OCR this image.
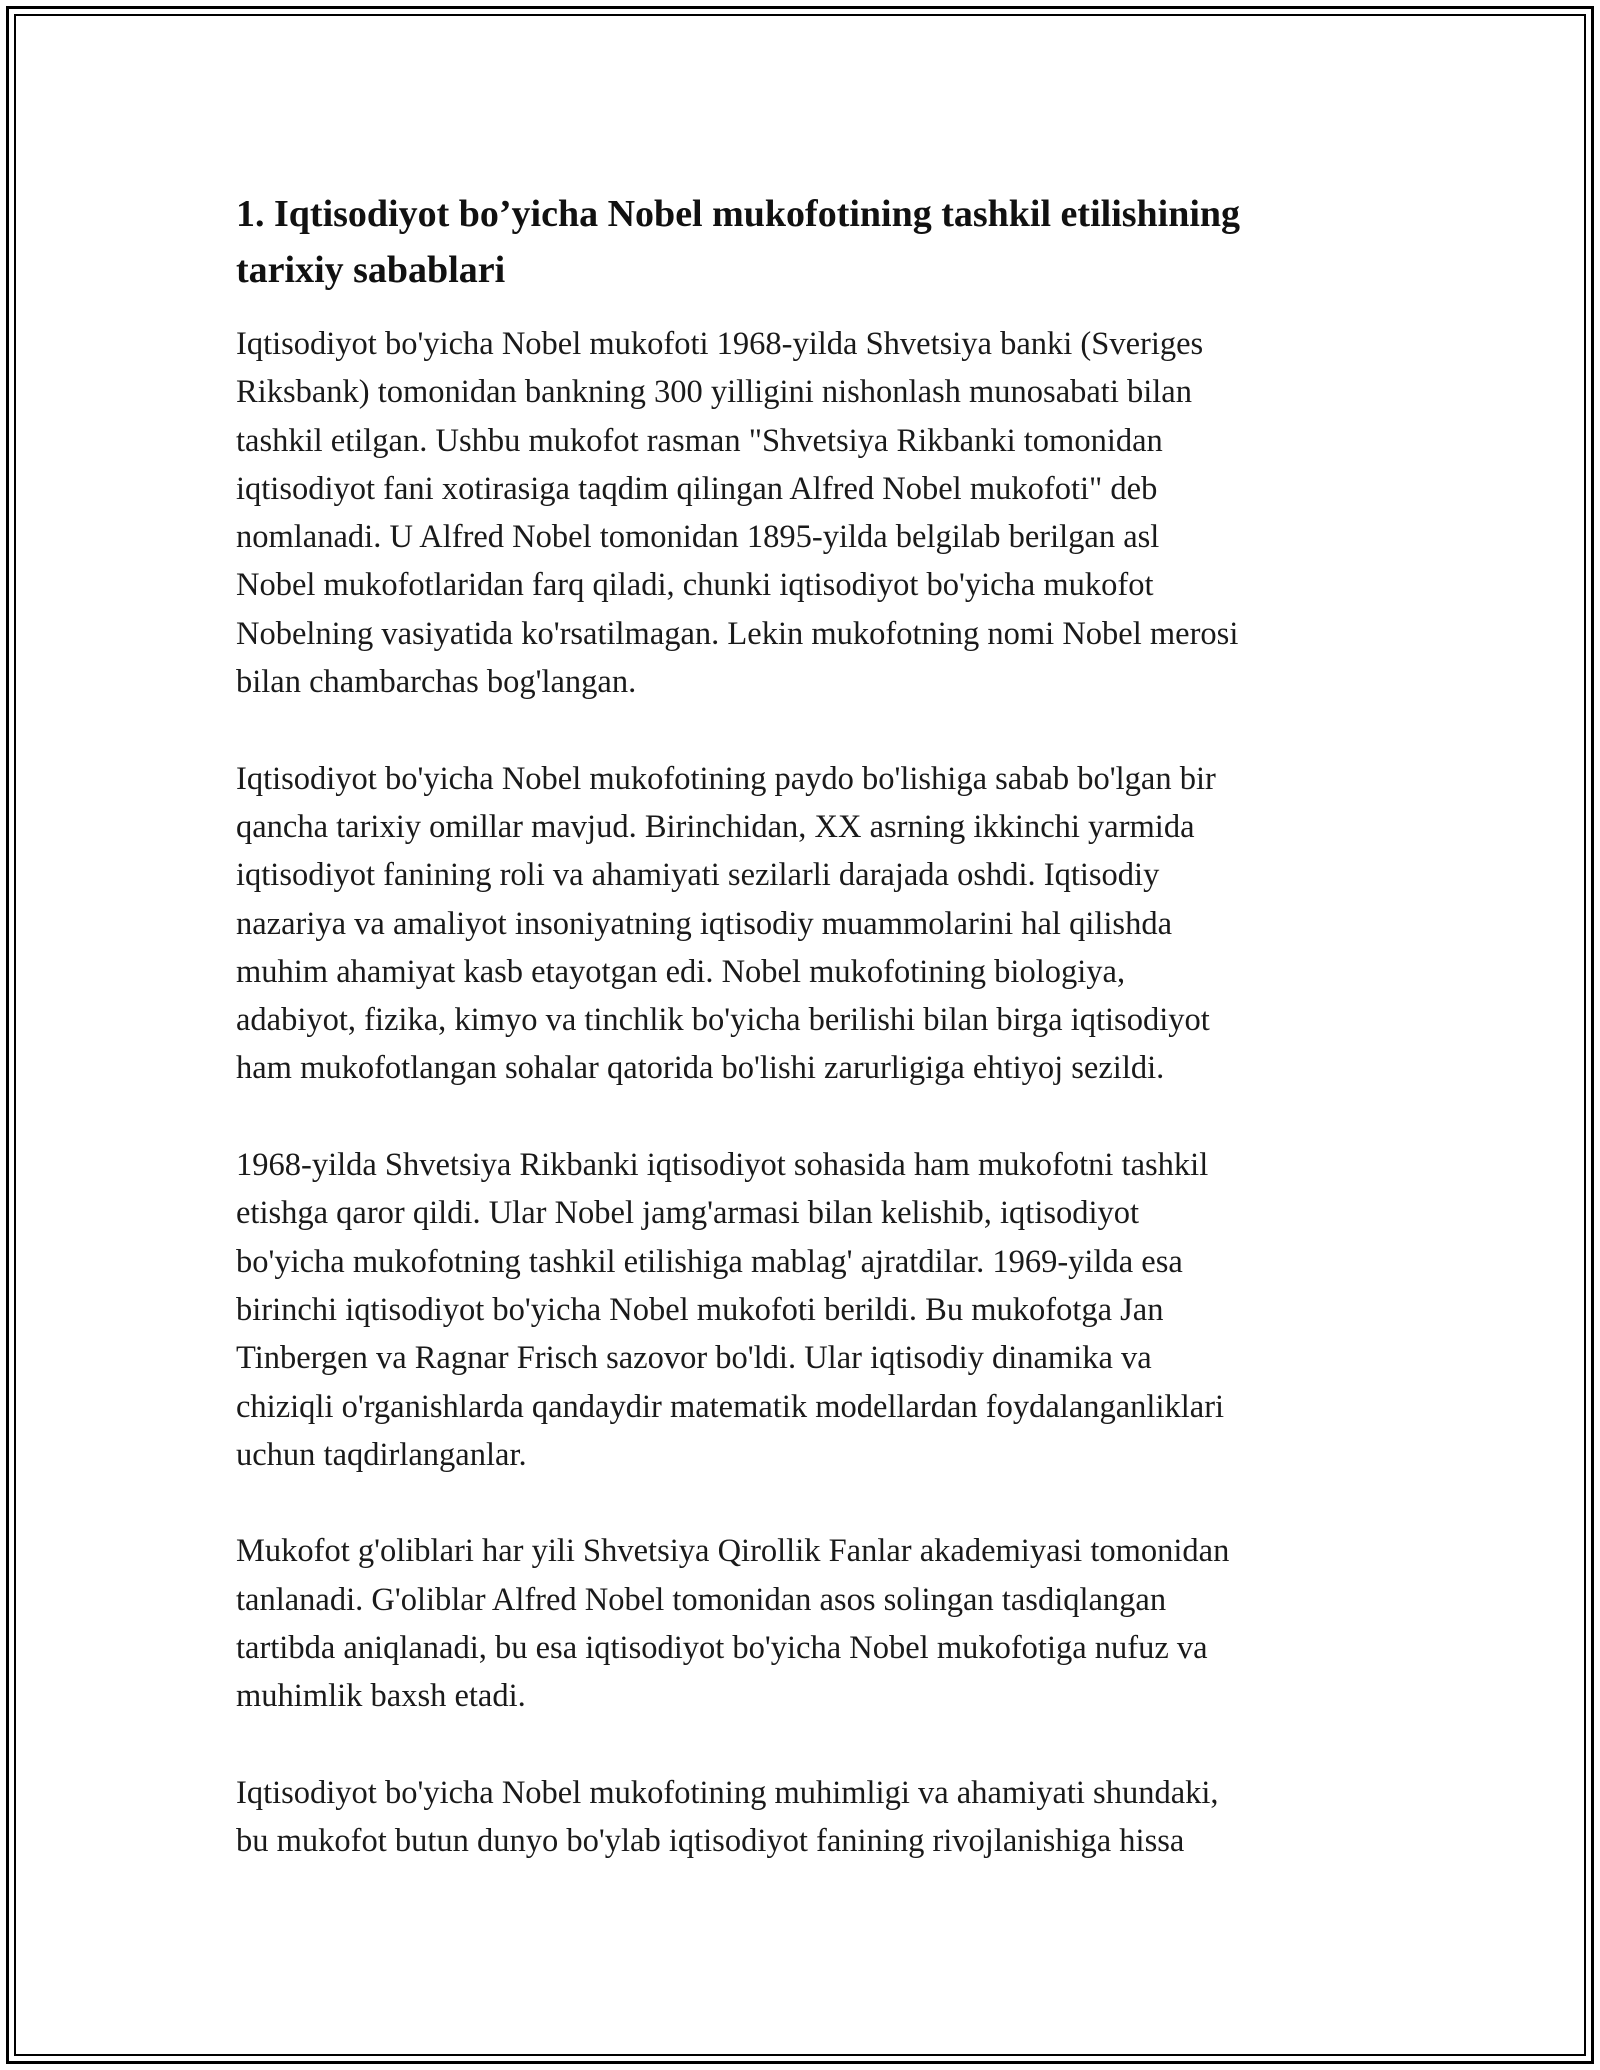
1. Iqtisodiyot bo’yicha Nobel mukofotining tashkil etilishining
tarixiy sabablari

Iqtisodiyot bo'yicha Nobel mukofoti 1968-yilda Shvetsiya banki (Sveriges
Riksbank) tomonidan bankning 300 yilligini nishonlash munosabati bilan
tashkil etilgan. Ushbu mukofot rasman "Shvetsiya Rikbanki tomonidan
iqtisodiyot fani xotirasiga taqdim qilingan Alfred Nobel mukofoti" deb
nomlanadi. U Alfred Nobel tomonidan 1895-yilda belgilab berilgan asl
Nobel mukofotlaridan farq qiladi, chunki iqtisodiyot bo'yicha mukofot
Nobelning vasiyatida ko'rsatilmagan. Lekin mukofotning nomi Nobel merosi
bilan chambarchas bog'langan.

Iqtisodiyot bo'yicha Nobel mukofotining paydo bo'lishiga sabab bo'lgan bir
qancha tarixiy omillar mavjud. Birinchidan, XX asrning ikkinchi yarmida
iqtisodiyot fanining roli va ahamiyati sezilarli darajada oshdi. Iqtisodiy
nazariya va amaliyot insoniyatning iqtisodiy muammolarini hal qilishda
muhim ahamiyat kasb etayotgan edi. Nobel mukofotining biologiya,
adabiyot, fizika, kimyo va tinchlik bo'yicha berilishi bilan birga iqtisodiyot
ham mukofotlangan sohalar qatorida bo'lishi zarurligiga ehtiyoj sezildi.

1968-yilda Shvetsiya Rikbanki iqtisodiyot sohasida ham mukofotni tashkil
etishga qaror qildi. Ular Nobel jamg'armasi bilan kelishib, iqtisodiyot
bo'yicha mukofotning tashkil etilishiga mablag' ajratdilar. 1969-yilda esa
birinchi iqtisodiyot bo'yicha Nobel mukofoti berildi. Bu mukofotga Jan
Tinbergen va Ragnar Frisch sazovor bo'ldi. Ular iqtisodiy dinamika va
chiziqli o'rganishlarda qandaydir matematik modellardan foydalanganliklari
uchun taqdirlanganlar.

Mukofot g'oliblari har yili Shvetsiya Qirollik Fanlar akademiyasi tomonidan
tanlanadi. G'oliblar Alfred Nobel tomonidan asos solingan tasdiqlangan
tartibda aniqlanadi, bu esa iqtisodiyot bo'yicha Nobel mukofotiga nufuz va
muhimlik baxsh etadi.

Iqtisodiyot bo'yicha Nobel mukofotining muhimligi va ahamiyati shundaki,
bu mukofot butun dunyo bo'ylab iqtisodiyot fanining rivojlanishiga hissa
